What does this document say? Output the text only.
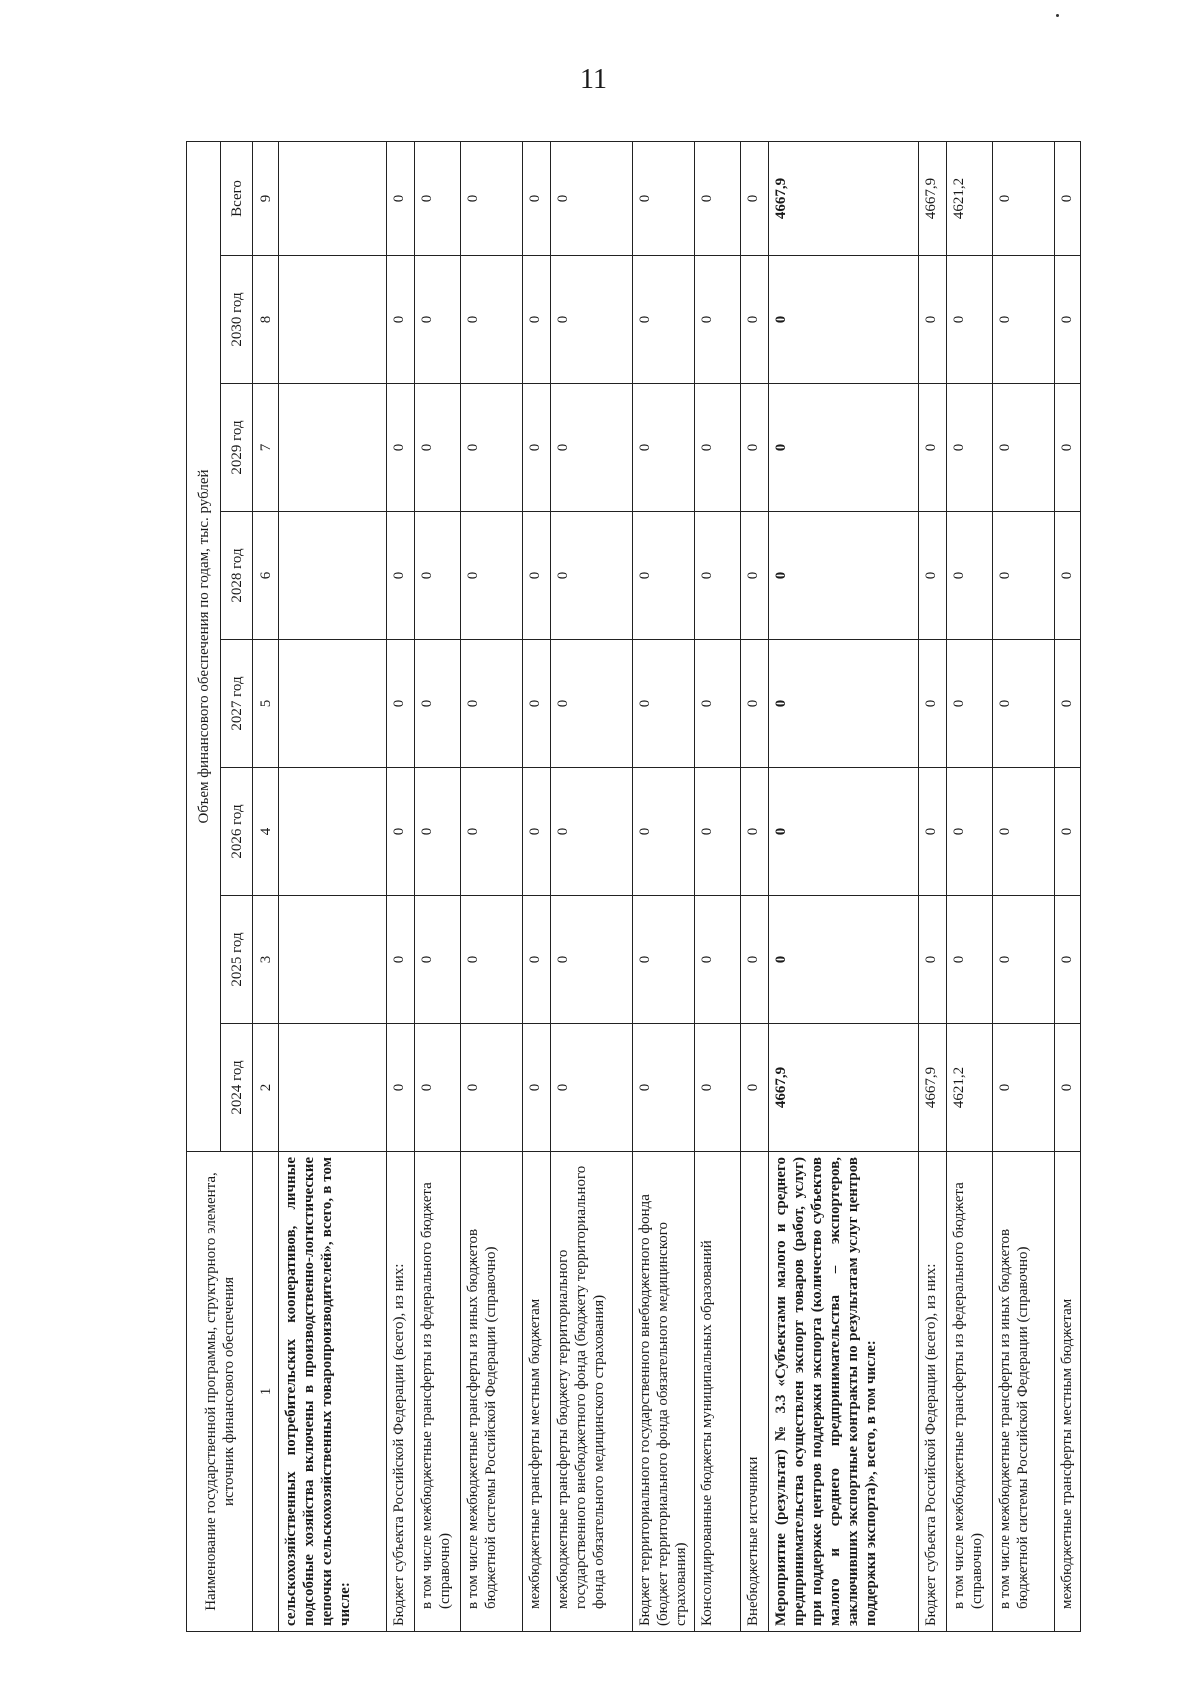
11
Наименование государственной программы, структурного элемента, источник финансового обеспечения	Объем финансового обеспечения по годам, тыс. рублей							
	2024 год	2025 год	2026 год	2027 год	2028 год	2029 год	2030 год	Всего
1	2	3	4	5	6	7	8	9
сельскохозяйственных потребительских кооперативов, личные подсобные хозяйства включены в производственно-логистические цепочки сельскохозяйственных товаропроизводителей», всего, в том числе:								
Бюджет субъекта Российской Федерации (всего), из них:	0	0	0	0	0	0	0	0
в том числе межбюджетные трансферты из федерального бюджета (справочно)	0	0	0	0	0	0	0	0
в том числе межбюджетные трансферты из иных бюджетов бюджетной системы Российской Федерации (справочно)	0	0	0	0	0	0	0	0
межбюджетные трансферты местным бюджетам	0	0	0	0	0	0	0	0
межбюджетные трансферты бюджету территориального государственного внебюджетного фонда (бюджету территориального фонда обязательного медицинского страхования)	0	0	0	0	0	0	0	0
Бюджет территориального государственного внебюджетного фонда (бюджет территориального фонда обязательного медицинского страхования)	0	0	0	0	0	0	0	0
Консолидированные бюджеты муниципальных образований	0	0	0	0	0	0	0	0
Внебюджетные источники	0	0	0	0	0	0	0	0
Мероприятие (результат) № 3.3 «Субъектами малого и среднего предпринимательства осуществлен экспорт товаров (работ, услуг) при поддержке центров поддержки экспорта (количество субъектов малого и среднего предпринимательства – экспортеров, заключивших экспортные контракты по результатам услуг центров поддержки экспорта)», всего, в том числе:	4667,9	0	0	0	0	0	0	4667,9
Бюджет субъекта Российской Федерации (всего), из них:	4667,9	0	0	0	0	0	0	4667,9
в том числе межбюджетные трансферты из федерального бюджета (справочно)	4621,2	0	0	0	0	0	0	4621,2
в том числе межбюджетные трансферты из иных бюджетов бюджетной системы Российской Федерации (справочно)	0	0	0	0	0	0	0	0
межбюджетные трансферты местным бюджетам	0	0	0	0	0	0	0	0
